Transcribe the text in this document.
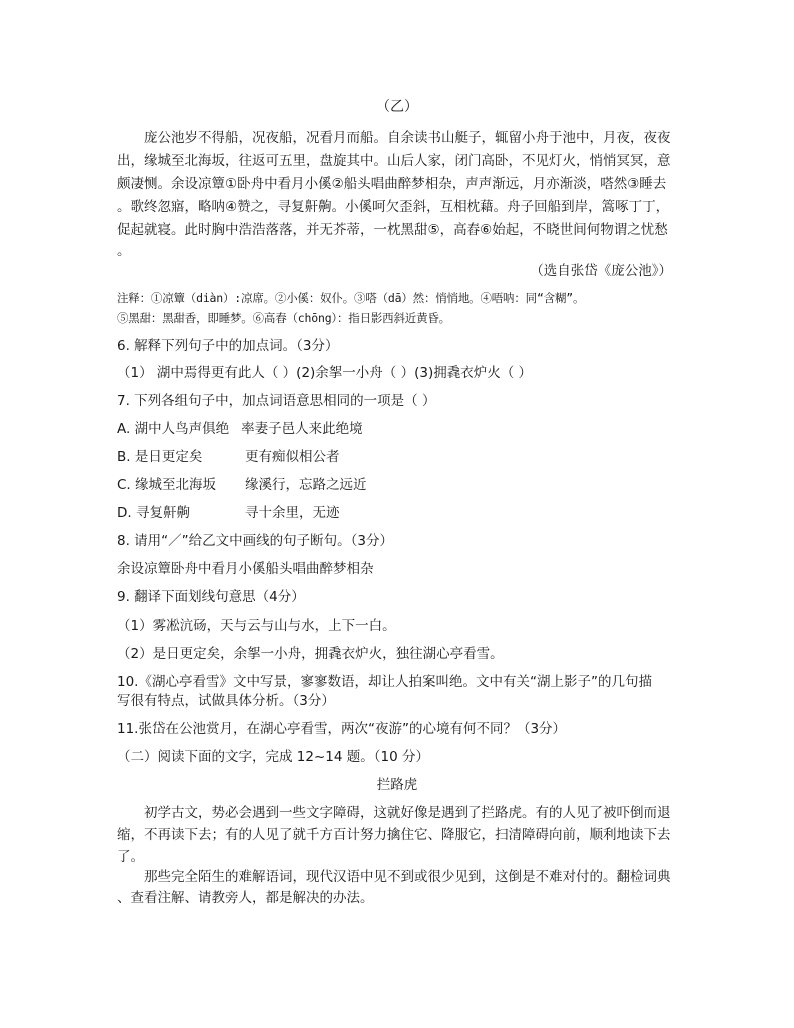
（乙）
庞公池岁不得船，况夜船，况看月而船。自余读书山艇子，辄留小舟于池中，月夜，夜夜
出，缘城至北海坂，往返可五里，盘旋其中。山后人家，闭门高卧，不见灯火，悄悄冥冥，意
颇凄恻。余设凉簟①卧舟中看月小傒②船头唱曲醉梦相杂，声声渐远，月亦渐淡，嗒然③睡去
。歌终忽寤，略呐④赞之，寻复鼾齁。小傒呵欠歪斜，互相枕藉。舟子回船到岸，篙啄丁丁，
促起就寝。此时胸中浩浩落落，并无芥蒂，一枕黑甜⑤，高舂⑥始起，不晓世间何物谓之忧愁
。
（选自张岱《庞公池》）
注释：①凉簟（diàn）:凉席。②小傒：奴仆。③嗒（dā）然：悄悄地。④唔呐：同“含糊”。
⑤黑甜：黑甜香，即睡梦。⑥高舂（chōng）：指日影西斜近黄昏。
6. 解释下列句子中的加点词。（3分）
（1） 湖中焉得更有此人（ ）(2)余挐一小舟（ ）(3)拥毳衣炉火（ ）
7. 下列各组句子中，加点词语意思相同的一项是（ ）
A. 湖中人鸟声俱绝 率妻子邑人来此绝境
B. 是日更定矣	更有痴似相公者
C. 缘城至北海坂 缘溪行，忘路之远近
D. 寻复鼾齁	寻十余里，无迹
8. 请用“／”给乙文中画线的句子断句。（3分）
余设凉簟卧舟中看月小傒船头唱曲醉梦相杂
9. 翻译下面划线句意思（4分）
（1）雾凇沆砀，天与云与山与水，上下一白。
（2）是日更定矣，余挐一小舟，拥毳衣炉火，独往湖心亭看雪。
10.《湖心亭看雪》文中写景，寥寥数语，却让人拍案叫绝。文中有关“湖上影子”的几句描
写很有特点，试做具体分析。（3分）
11.张岱在公池赏月，在湖心亭看雪，两次“夜游”的心境有何不同？（3分）
（二）阅读下面的文字，完成 12~14 题。（10 分）
拦路虎
初学古文，势必会遇到一些文字障碍，这就好像是遇到了拦路虎。有的人见了被吓倒而退
缩，不再读下去；有的人见了就千方百计努力擒住它、降服它，扫清障碍向前，顺利地读下去
了。
那些完全陌生的难解语词，现代汉语中见不到或很少见到，这倒是不难对付的。翻检词典
、查看注解、请教旁人，都是解决的办法。
